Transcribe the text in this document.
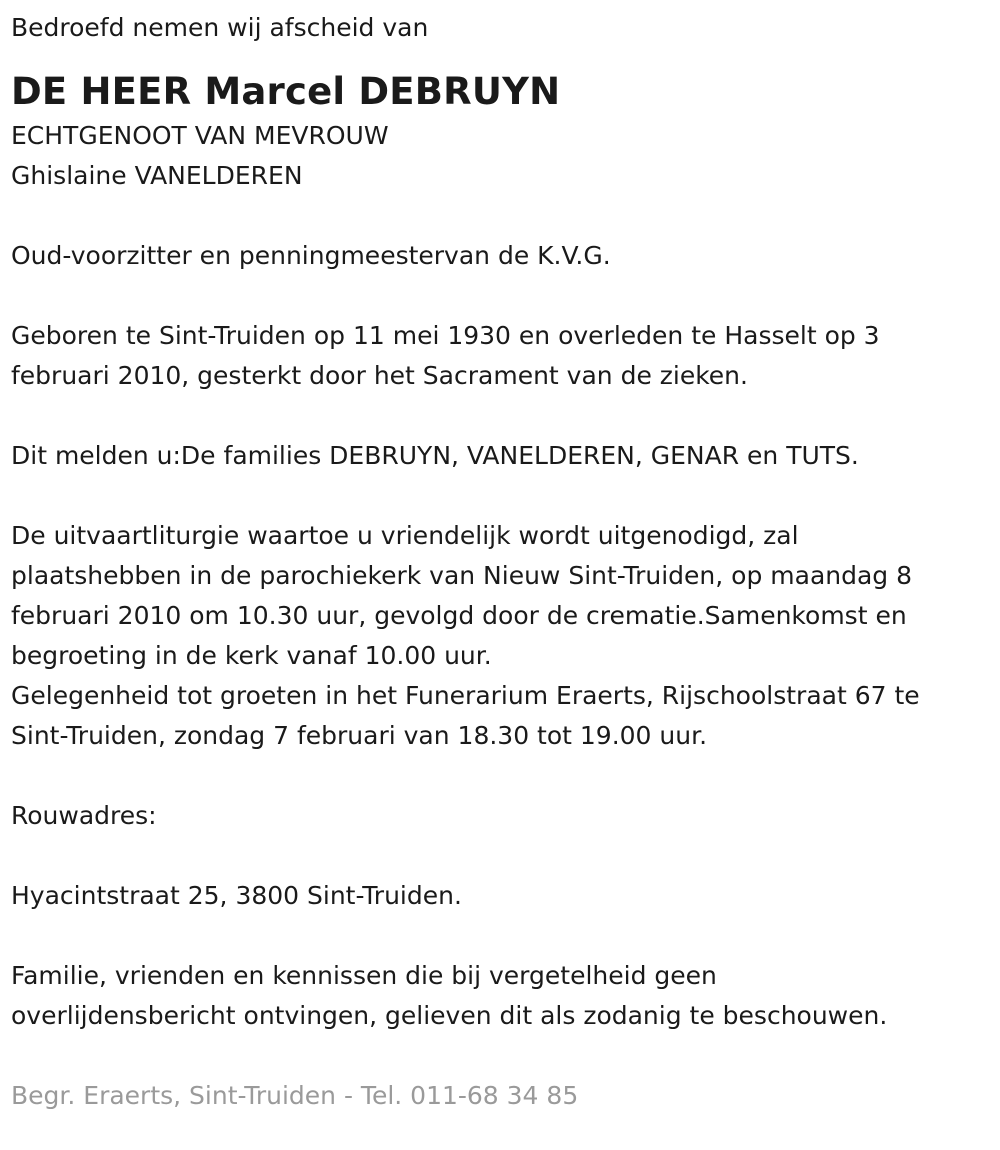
Bedroefd nemen wij afscheid van

DE HEER Marcel DEBRUYN

ECHTGENOOT VAN MEVROUW

Ghislaine VANELDEREN

Oud-voorzitter en penningmeestervan de K.V.G.

Geboren te Sint-Truiden op 11 mei 1930 en overleden te Hasselt op 3

februari 2010, gesterkt door het Sacrament van de zieken.

Dit melden u:De families DEBRUYN, VANELDEREN, GENAR en TUTS.

De uitvaartliturgie waartoe u vriendelijk wordt uitgenodigd, zal

plaatshebben in de parochiekerk van Nieuw Sint-Truiden, op maandag 8

februari 2010 om 10.30 uur, gevolgd door de crematie.Samenkomst en

begroeting in de kerk vanaf 10.00 uur.

Gelegenheid tot groeten in het Funerarium Eraerts, Rijschoolstraat 67 te

Sint-Truiden, zondag 7 februari van 18.30 tot 19.00 uur.

Rouwadres:

Hyacintstraat 25, 3800 Sint-Truiden.

Familie, vrienden en kennissen die bij vergetelheid geen

overlijdensbericht ontvingen, gelieven dit als zodanig te beschouwen.

Begr. Eraerts, Sint-Truiden - Tel. 011-68 34 85
